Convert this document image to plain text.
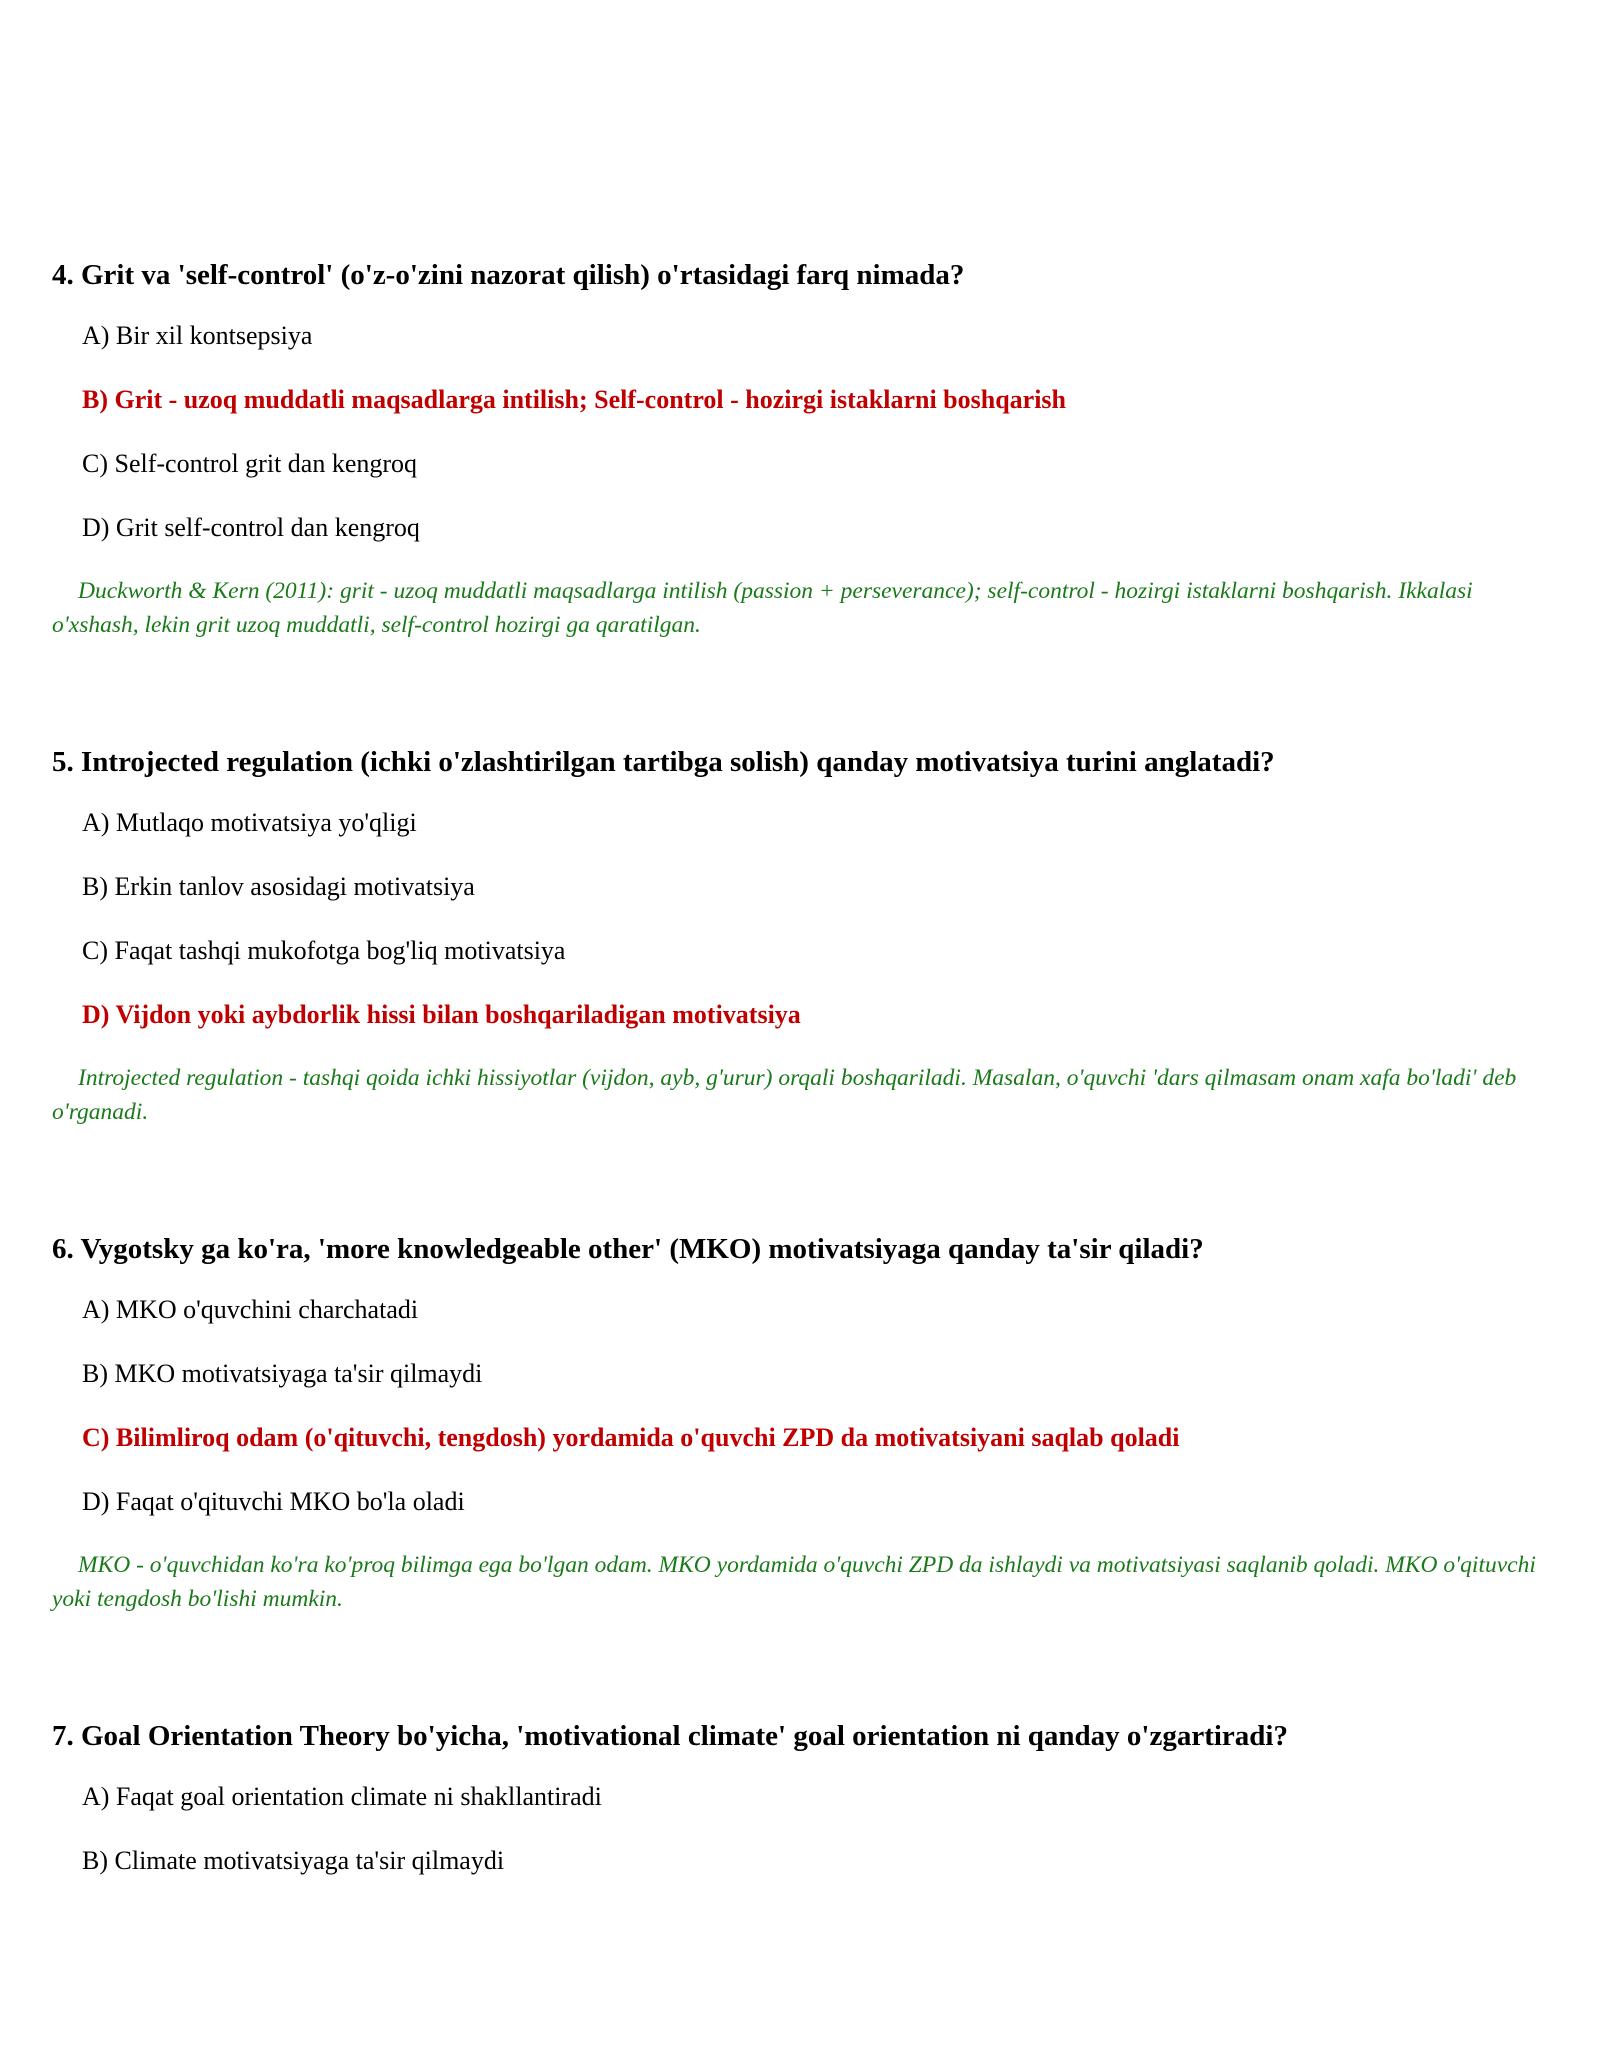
4. Grit va 'self-control' (o'z-o'zini nazorat qilish) o'rtasidagi farq nimada?
A) Bir xil kontsepsiya
B) Grit - uzoq muddatli maqsadlarga intilish; Self-control - hozirgi istaklarni boshqarish
C) Self-control grit dan kengroq
D) Grit self-control dan kengroq

Duckworth & Kern (2011): grit - uzoq muddatli maqsadlarga intilish (passion + perseverance); self-control - hozirgi istaklarni boshqarish. Ikkalasi o'xshash, lekin grit uzoq muddatli, self-control hozirgi ga qaratilgan.

5. Introjected regulation (ichki o'zlashtirilgan tartibga solish) qanday motivatsiya turini anglatadi?
A) Mutlaqo motivatsiya yo'qligi
B) Erkin tanlov asosidagi motivatsiya
C) Faqat tashqi mukofotga bog'liq motivatsiya
D) Vijdon yoki aybdorlik hissi bilan boshqariladigan motivatsiya

Introjected regulation - tashqi qoida ichki hissiyotlar (vijdon, ayb, g'urur) orqali boshqariladi. Masalan, o'quvchi 'dars qilmasam onam xafa bo'ladi' deb o'rganadi.

6. Vygotsky ga ko'ra, 'more knowledgeable other' (MKO) motivatsiyaga qanday ta'sir qiladi?
A) MKO o'quvchini charchatadi
B) MKO motivatsiyaga ta'sir qilmaydi
C) Bilimliroq odam (o'qituvchi, tengdosh) yordamida o'quvchi ZPD da motivatsiyani saqlab qoladi
D) Faqat o'qituvchi MKO bo'la oladi

MKO - o'quvchidan ko'ra ko'proq bilimga ega bo'lgan odam. MKO yordamida o'quvchi ZPD da ishlaydi va motivatsiyasi saqlanib qoladi. MKO o'qituvchi yoki tengdosh bo'lishi mumkin.

7. Goal Orientation Theory bo'yicha, 'motivational climate' goal orientation ni qanday o'zgartiradi?
A) Faqat goal orientation climate ni shakllantiradi
B) Climate motivatsiyaga ta'sir qilmaydi
